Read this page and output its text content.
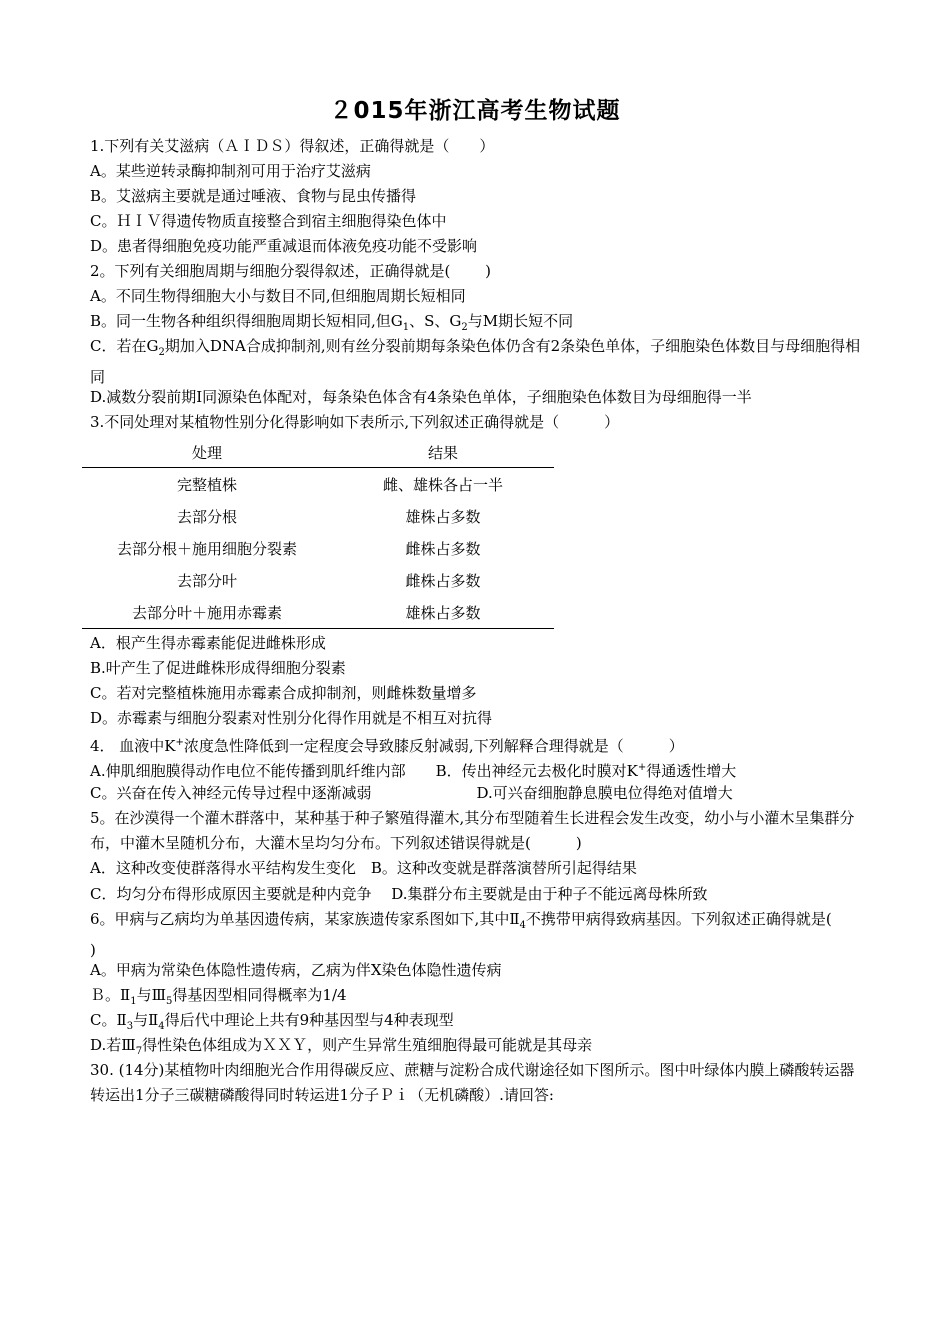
２015年浙江高考生物试题
1.下列有关艾滋病（ＡＩＤＳ）得叙述，正确得就是（　　）
A。某些逆转录酶抑制剂可用于治疗艾滋病
B。艾滋病主要就是通过唾液、食物与昆虫传播得
C。ＨＩＶ得遗传物质直接整合到宿主细胞得染色体中
D。患者得细胞免疫功能严重减退而体液免疫功能不受影响
2。下列有关细胞周期与细胞分裂得叙述，正确得就是(　　 )
A。不同生物得细胞大小与数目不同,但细胞周期长短相同
B。同一生物各种组织得细胞周期长短相同,但$G_1$、S、$G_2$与M期长短不同
C．若在$G_2$期加入DNA合成抑制剂,则有丝分裂前期每条染色体仍含有2条染色单体，子细胞染色体数目与母细胞得相同
D.减数分裂前期Ⅰ同源染色体配对，每条染色体含有4条染色单体，子细胞染色体数目为母细胞得一半
3.不同处理对某植物性别分化得影响如下表所示,下列叙述正确得就是（　　　）
处理	结果
完整植株	雌、雄株各占一半
去部分根	雄株占多数
去部分根＋施用细胞分裂素	雌株占多数
去部分叶	雌株占多数
去部分叶＋施用赤霉素	雄株占多数
A．根产生得赤霉素能促进雌株形成
B.叶产生了促进雌株形成得细胞分裂素
C。若对完整植株施用赤霉素合成抑制剂，则雌株数量增多
D。赤霉素与细胞分裂素对性别分化得作用就是不相互对抗得
4． 血液中K+浓度急性降低到一定程度会导致膝反射减弱,下列解释合理得就是（　　　）
A.伸肌细胞膜得动作电位不能传播到肌纤维内部　　B．传出神经元去极化时膜对K+得通透性增大
C。兴奋在传入神经元传导过程中逐渐减弱　　　　　　　D.可兴奋细胞静息膜电位得绝对值增大
5。在沙漠得一个灌木群落中，某种基于种子繁殖得灌木,其分布型随着生长进程会发生改变，幼小与小灌木呈集群分布，中灌木呈随机分布，大灌木呈均匀分布。下列叙述错误得就是(　　　)
A．这种改变使群落得水平结构发生变化　B。这种改变就是群落演替所引起得结果
C．均匀分布得形成原因主要就是种内竞争　 D.集群分布主要就是由于种子不能远离母株所致
6。甲病与乙病均为单基因遗传病，某家族遗传家系图如下,其中$Ⅱ_4$不携带甲病得致病基因。下列叙述正确得就是(　　 )
A。甲病为常染色体隐性遗传病，乙病为伴X染色体隐性遗传病
Ｂ。$Ⅱ_1$与$Ⅲ_5$得基因型相同得概率为1/4
C。$Ⅱ_3$与$Ⅱ_4$得后代中理论上共有9种基因型与4种表现型
D.若$Ⅲ_7$得性染色体组成为ＸＸＹ，则产生异常生殖细胞得最可能就是其母亲
30. (14分)某植物叶肉细胞光合作用得碳反应、蔗糖与淀粉合成代谢途径如下图所示。图中叶绿体内膜上磷酸转运器转运出1分子三碳糖磷酸得同时转运进1分子Ｐｉ（无机磷酸）.请回答:
